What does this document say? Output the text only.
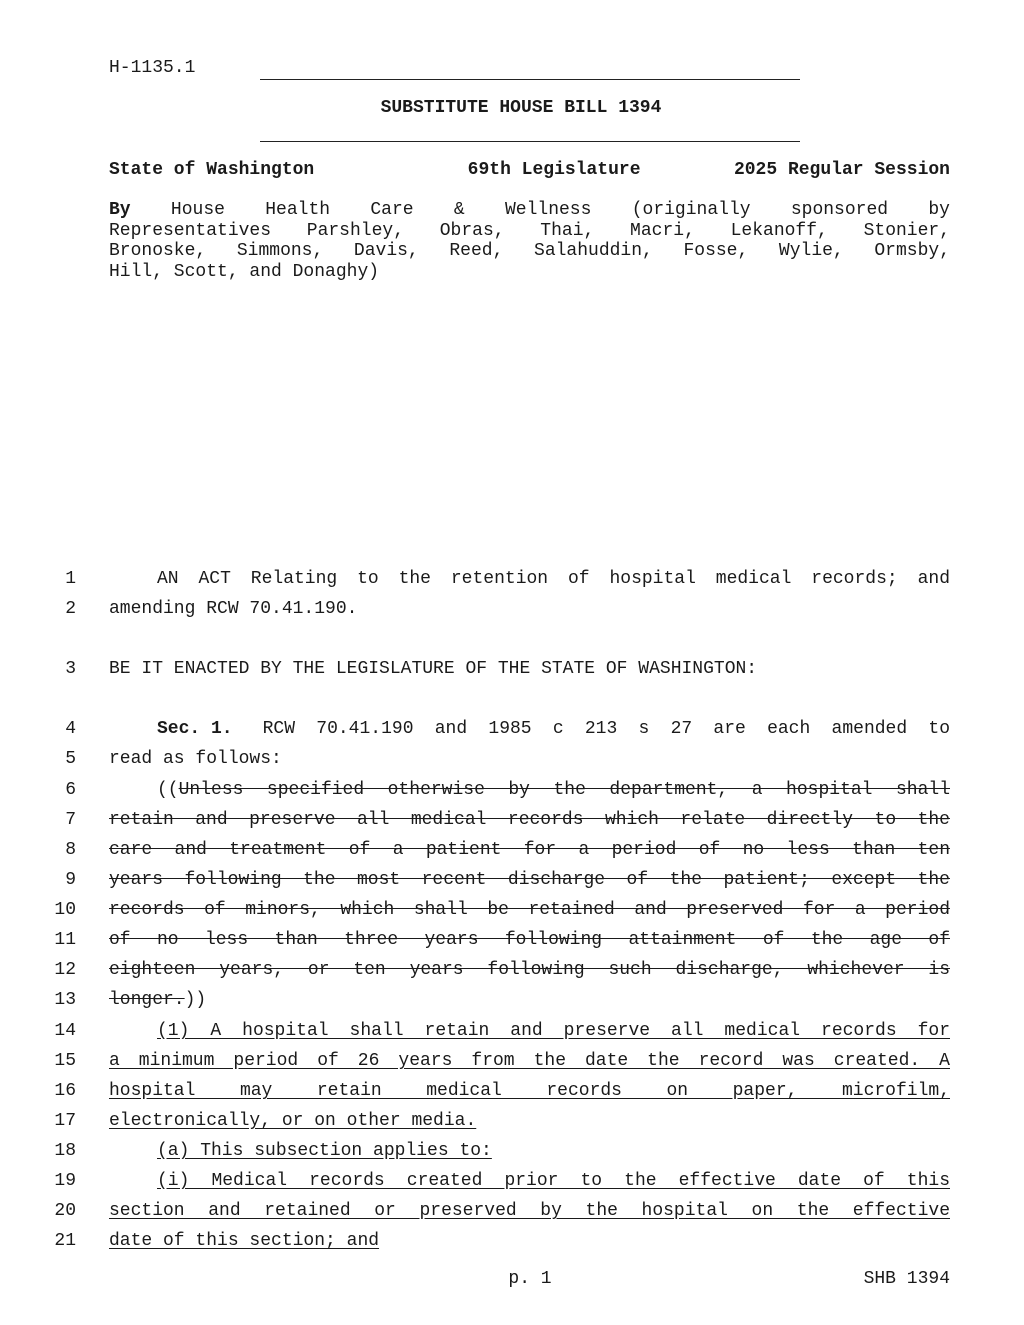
H-1135.1
SUBSTITUTE HOUSE BILL 1394
State of Washington	69th Legislature	2025 Regular Session
By House Health Care & Wellness (originally sponsored by
Representatives Parshley, Obras, Thai, Macri, Lekanoff, Stonier,
Bronoske, Simmons, Davis, Reed, Salahuddin, Fosse, Wylie, Ormsby,
Hill, Scott, and Donaghy)
1	AN ACT Relating to the retention of hospital medical records; and
2 amending RCW 70.41.190.
3 BE IT ENACTED BY THE LEGISLATURE OF THE STATE OF WASHINGTON:
4	Sec. 1. RCW 70.41.190 and 1985 c 213 s 27 are each amended to
5 read as follows:
6	(( Unless specified otherwise by the department, a hospital shall
7 retain and preserve all medical records which relate directly to the
8 care and treatment of a patient for a period of no less than ten
9 years following the most recent discharge of the patient; except the
10 records of minors, which shall be retained and preserved for a period
11 of no less than three years following attainment of the age of
12 eighteen years, or ten years following such discharge, whichever is
13 longer.))
14	(1) A hospital shall retain and preserve all medical records for
15 a minimum period of 26 years from the date the record was created. A
16 hospital may retain medical records on paper, microfilm,
17 electronically, or on other media.
18	(a) This subsection applies to:
19	(i) Medical records created prior to the effective date of this
20 section and retained or preserved by the hospital on the effective
21 date of this section; and
p. 1	SHB 1394
